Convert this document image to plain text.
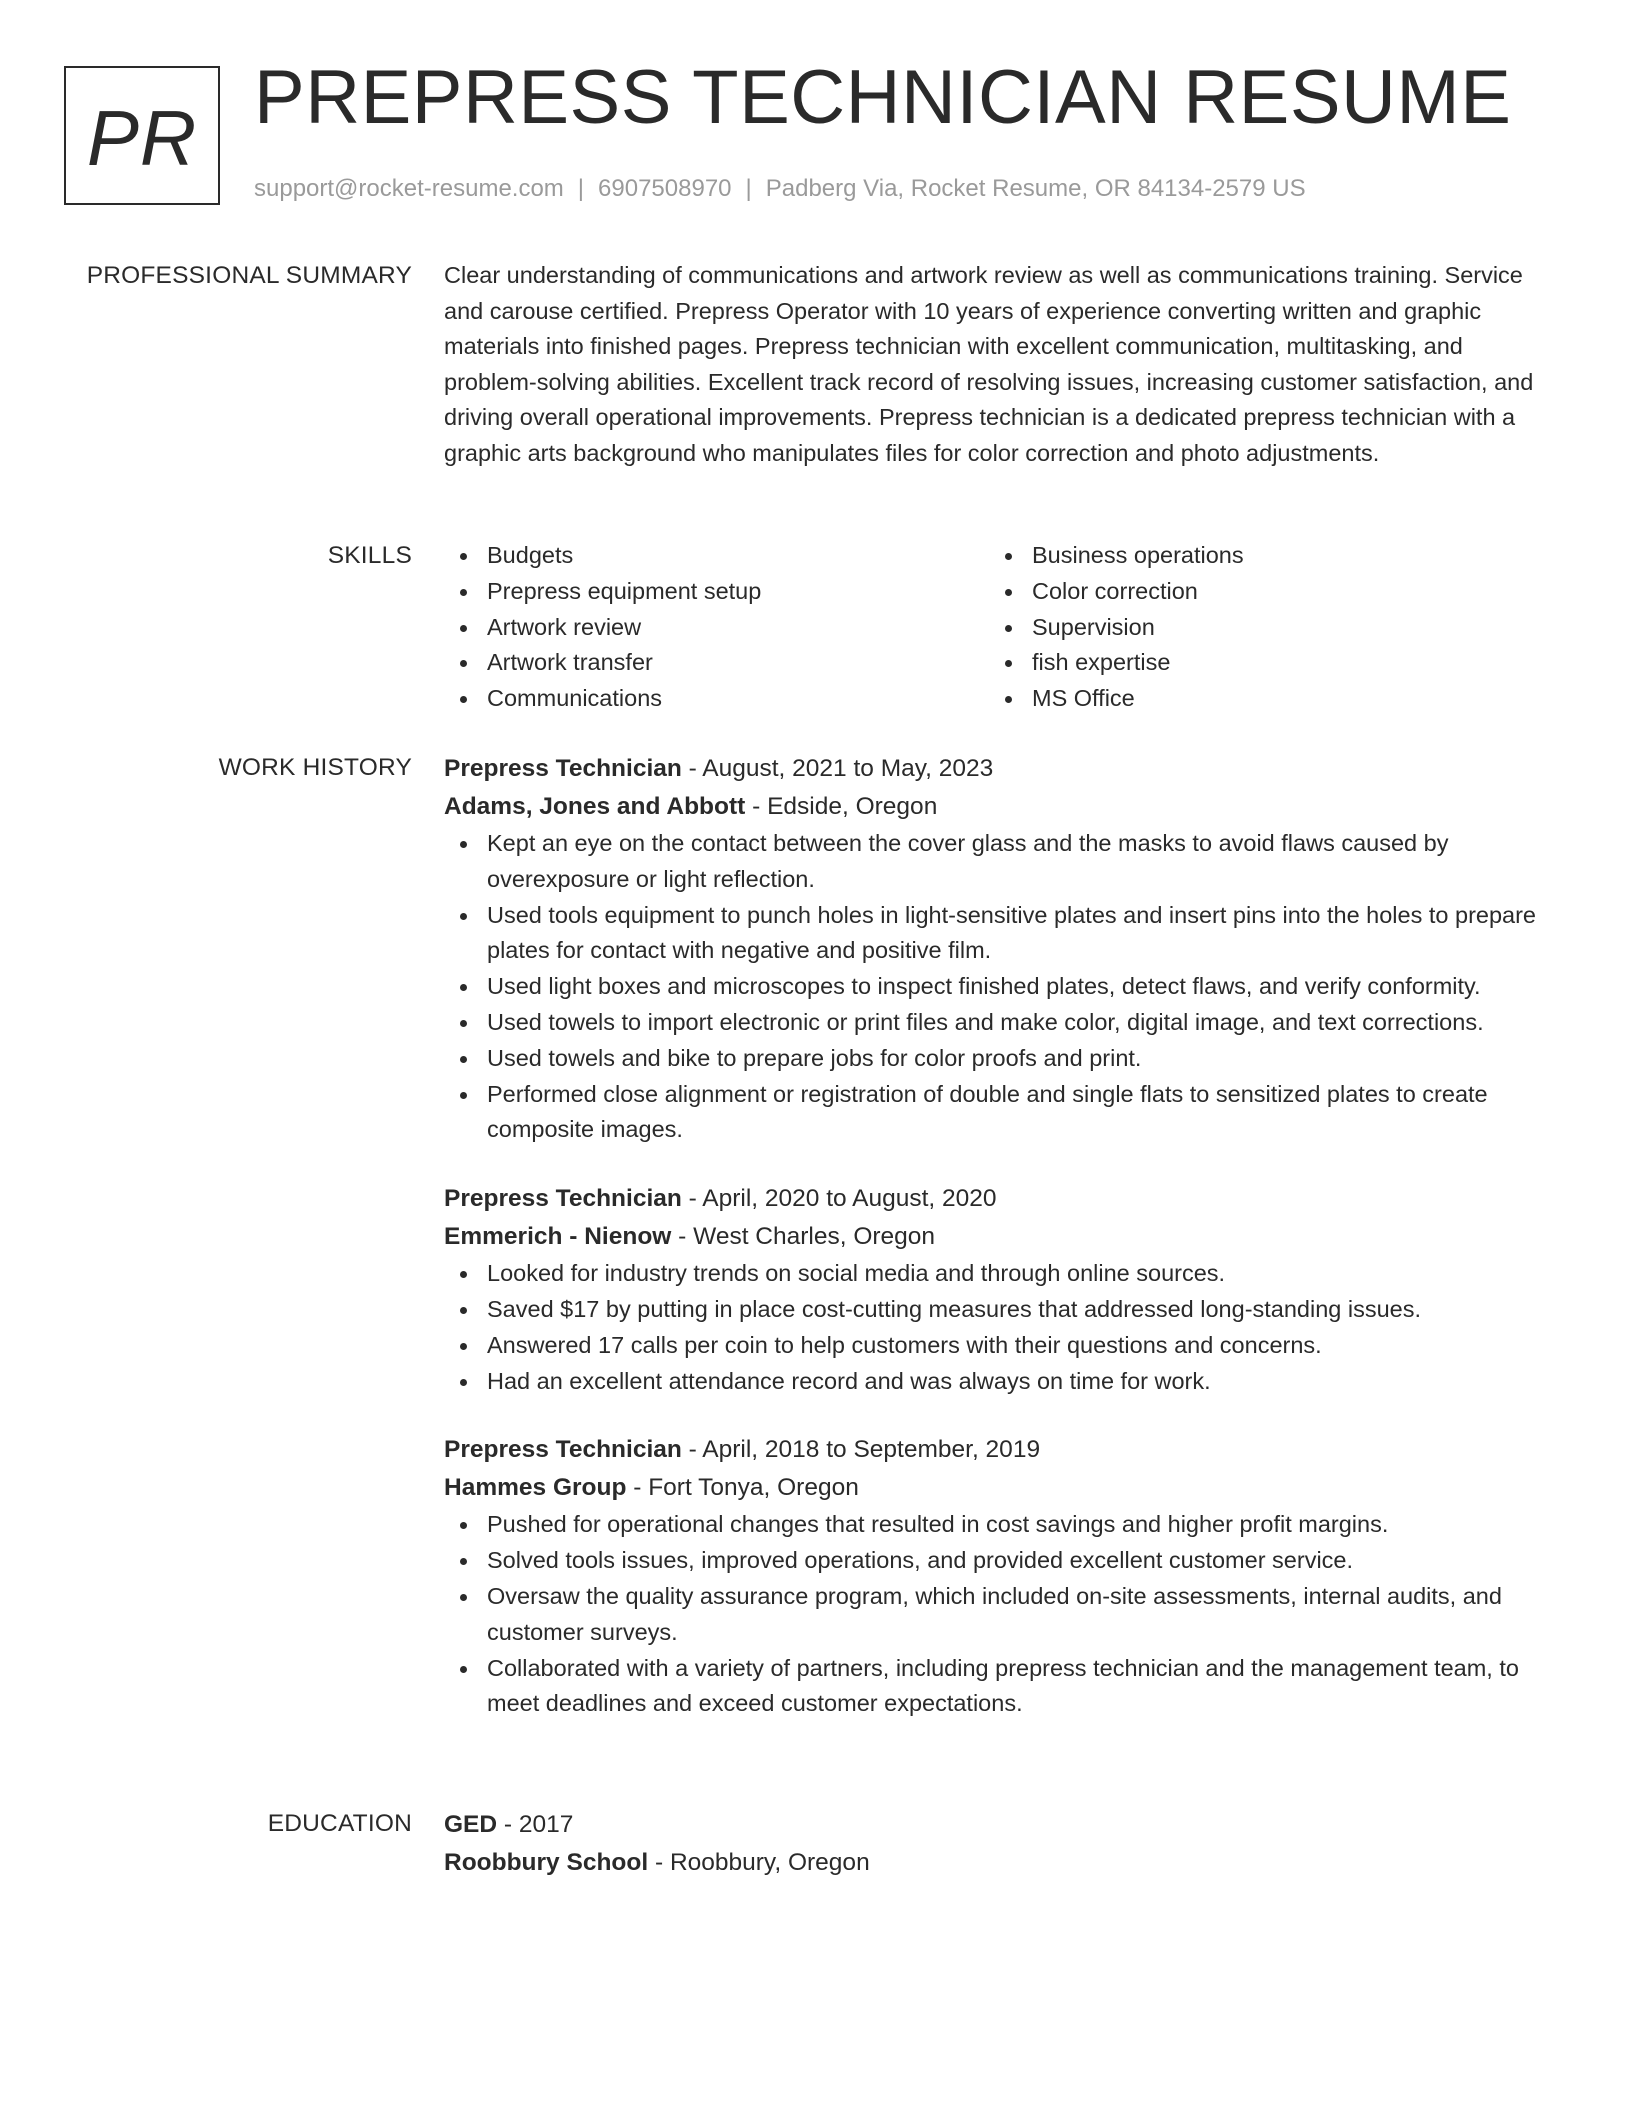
PR PREPRESS TECHNICIAN RESUME
support@rocket-resume.com | 6907508970 | Padberg Via, Rocket Resume, OR 84134-2579 US
PROFESSIONAL SUMMARY Clear understanding of communications and artwork review as well as communications training. Service and carouse certified. Prepress Operator with 10 years of experience converting written and graphic materials into finished pages. Prepress technician with excellent communication, multitasking, and problem-solving abilities. Excellent track record of resolving issues, increasing customer satisfaction, and driving overall operational improvements. Prepress technician is a dedicated prepress technician with a graphic arts background who manipulates files for color correction and photo adjustments.

SKILLS	Budgets
Prepress equipment setup
Artwork review
Artwork transfer
Communications
Business operations
Color correction
Supervision
fish expertise
MS Office
WORK HISTORY Prepress Technician - August, 2021 to May, 2023
Adams, Jones and Abbott - Edside, Oregon
Kept an eye on the contact between the cover glass and the masks to avoid flaws caused by overexposure or light reflection.
Used tools equipment to punch holes in light-sensitive plates and insert pins into the holes to prepare plates for contact with negative and positive film.
Used light boxes and microscopes to inspect finished plates, detect flaws, and verify conformity.
Used towels to import electronic or print files and make color, digital image, and text corrections.
Used towels and bike to prepare jobs for color proofs and print.
Performed close alignment or registration of double and single flats to sensitized plates to create composite images.
Prepress Technician - April, 2020 to August, 2020
Emmerich - Nienow - West Charles, Oregon
Looked for industry trends on social media and through online sources.
Saved $17 by putting in place cost-cutting measures that addressed long-standing issues.
Answered 17 calls per coin to help customers with their questions and concerns.
Had an excellent attendance record and was always on time for work.
Prepress Technician - April, 2018 to September, 2019
Hammes Group - Fort Tonya, Oregon
Pushed for operational changes that resulted in cost savings and higher profit margins.
Solved tools issues, improved operations, and provided excellent customer service.
Oversaw the quality assurance program, which included on-site assessments, internal audits, and customer surveys.
Collaborated with a variety of partners, including prepress technician and the management team, to meet deadlines and exceed customer expectations.
EDUCATION GED - 2017
Roobbury School - Roobbury, Oregon
